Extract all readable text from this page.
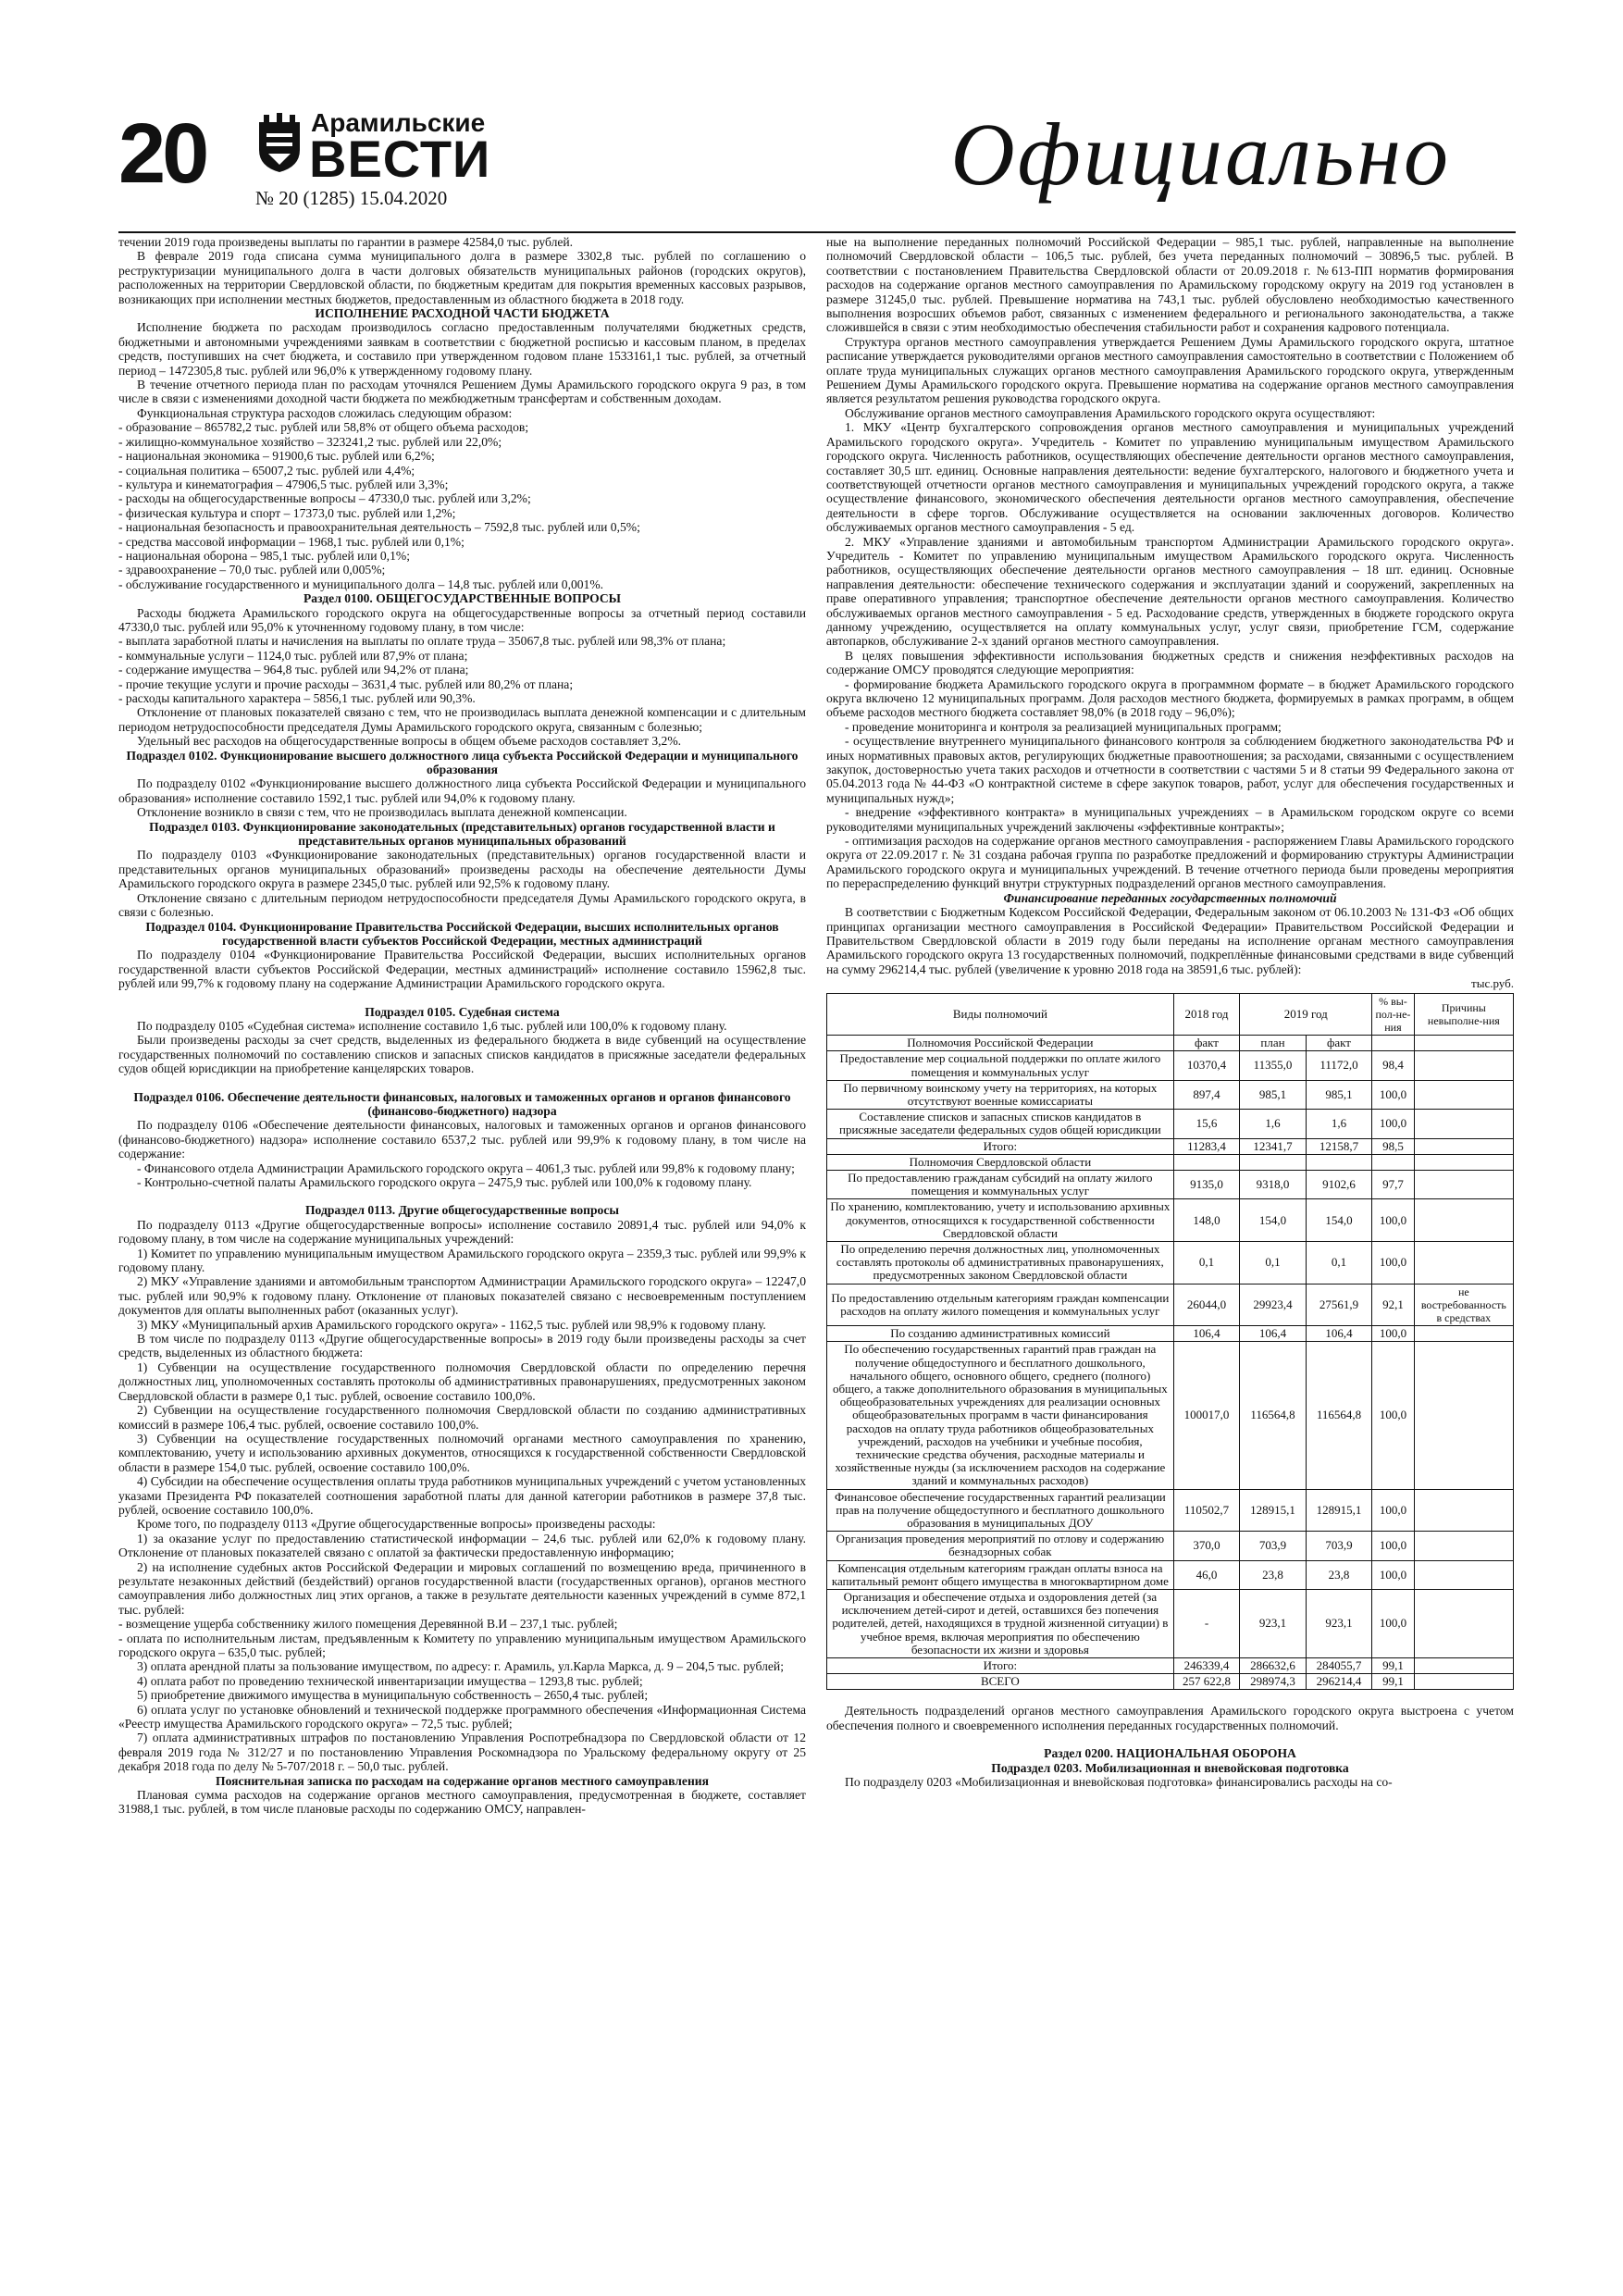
20	Арамильские
ВЕСТИ
№ 20 (1285) 15.04.2020	Официально

течении 2019 года произведены выплаты по гарантии в размере 42584,0 тыс. рублей.

В феврале 2019 года списана сумма муниципального долга в размере 3302,8 тыс. рублей по соглашению о реструктуризации муниципального долга в части долговых обязательств муниципальных районов (городских округов), расположенных на территории Свердловской области, по бюджетным кредитам для покрытия временных кассовых разрывов, возникающих при исполнении местных бюджетов, предоставленным из областного бюджета в 2018 году.

ИСПОЛНЕНИЕ РАСХОДНОЙ ЧАСТИ БЮДЖЕТА

Исполнение бюджета по расходам производилось согласно предоставленным получателями бюджетных средств, бюджетными и автономными учреждениями заявкам в соответствии с бюджетной росписью и кассовым планом, в пределах средств, поступивших на счет бюджета, и составило при утвержденном годовом плане 1533161,1 тыс. рублей, за отчетный период – 1472305,8 тыс. рублей или 96,0% к утвержденному годовому плану.

В течение отчетного периода план по расходам уточнялся Решением Думы Арамильского городского округа 9 раз, в том числе в связи с изменениями доходной части бюджета по межбюджетным трансфертам и собственным доходам.

Функциональная структура расходов сложилась следующим образом:

- образование – 865782,2 тыс. рублей или 58,8% от общего объема расходов;

- жилищно-коммунальное хозяйство – 323241,2 тыс. рублей или 22,0%;

- национальная экономика – 91900,6 тыс. рублей или 6,2%;

- социальная политика – 65007,2 тыс. рублей или 4,4%;

- культура и кинематография – 47906,5 тыс. рублей или 3,3%;

- расходы на общегосударственные вопросы – 47330,0 тыс. рублей или 3,2%;

- физическая культура и спорт – 17373,0 тыс. рублей или 1,2%;

- национальная безопасность и правоохранительная деятельность – 7592,8 тыс. рублей или 0,5%;

- средства массовой информации – 1968,1 тыс. рублей или 0,1%;

- национальная оборона – 985,1 тыс. рублей или 0,1%;

- здравоохранение – 70,0 тыс. рублей или 0,005%;

- обслуживание государственного и муниципального долга – 14,8 тыс. рублей или 0,001%.

Раздел 0100. ОБЩЕГОСУДАРСТВЕННЫЕ ВОПРОСЫ

Расходы бюджета Арамильского городского округа на общегосударственные вопросы за отчетный период составили 47330,0 тыс. рублей или 95,0% к уточненному годовому плану, в том числе:

- выплата заработной платы и начисления на выплаты по оплате труда – 35067,8 тыс. рублей или 98,3% от плана;

- коммунальные услуги – 1124,0 тыс. рублей или 87,9% от плана;

- содержание имущества – 964,8 тыс. рублей или 94,2% от плана;

- прочие текущие услуги и прочие расходы – 3631,4 тыс. рублей или 80,2% от плана;

- расходы капитального характера – 5856,1 тыс. рублей или 90,3%.

Отклонение от плановых показателей связано с тем, что не производилась выплата денежной компенсации и с длительным периодом нетрудоспособности председателя Думы Арамильского городского округа, связанным с болезнью;

Удельный вес расходов на общегосударственные вопросы в общем объеме расходов составляет 3,2%.

Подраздел 0102. Функционирование высшего должностного лица субъекта Российской Федерации и муниципального образования

По подразделу 0102 «Функционирование высшего должностного лица субъекта Российской Федерации и муниципального образования» исполнение составило 1592,1 тыс. рублей или 94,0% к годовому плану.

Отклонение возникло в связи с тем, что не производилась выплата денежной компенсации.

Подраздел 0103. Функционирование законодательных (представительных) органов государственной власти и представительных органов муниципальных образований

По подразделу 0103 «Функционирование законодательных (представительных) органов государственной власти и представительных органов муниципальных образований» произведены расходы на обеспечение деятельности Думы Арамильского городского округа в размере 2345,0 тыс. рублей или 92,5% к годовому плану.

Отклонение связано с длительным периодом нетрудоспособности председателя Думы Арамильского городского округа, в связи с болезнью.

Подраздел 0104. Функционирование Правительства Российской Федерации, высших исполнительных органов государственной власти субъектов Российской Федерации, местных администраций

По подразделу 0104 «Функционирование Правительства Российской Федерации, высших исполнительных органов государственной власти субъектов Российской Федерации, местных администраций» исполнение составило 15962,8 тыс. рублей или 99,7% к годовому плану на содержание Администрации Арамильского городского округа.

Подраздел 0105. Судебная система

По подразделу 0105 «Судебная система» исполнение составило 1,6 тыс. рублей или 100,0% к годовому плану.

Были произведены расходы за счет средств, выделенных из федерального бюджета в виде субвенций на осуществление государственных полномочий по составлению списков и запасных списков кандидатов в присяжные заседатели федеральных судов общей юрисдикции на приобретение канцелярских товаров.

Подраздел 0106. Обеспечение деятельности финансовых, налоговых и таможенных органов и органов финансового (финансово-бюджетного) надзора

По подразделу 0106 «Обеспечение деятельности финансовых, налоговых и таможенных органов и органов финансового (финансово-бюджетного) надзора» исполнение составило 6537,2 тыс. рублей или 99,9% к годовому плану, в том числе на содержание:

- Финансового отдела Администрации Арамильского городского округа – 4061,3 тыс. рублей или 99,8% к годовому плану;

- Контрольно-счетной палаты Арамильского городского округа – 2475,9 тыс. рублей или 100,0% к годовому плану.

Подраздел 0113. Другие общегосударственные вопросы

По подразделу 0113 «Другие общегосударственные вопросы» исполнение составило 20891,4 тыс. рублей или 94,0% к годовому плану, в том числе на содержание муниципальных учреждений:

1) Комитет по управлению муниципальным имуществом Арамильского городского округа – 2359,3 тыс. рублей или 99,9% к годовому плану.

2) МКУ «Управление зданиями и автомобильным транспортом Администрации Арамильского городского округа» – 12247,0 тыс. рублей или 90,9% к годовому плану. Отклонение от плановых показателей связано с несвоевременным поступлением документов для оплаты выполненных работ (оказанных услуг).

3) МКУ «Муниципальный архив Арамильского городского округа» - 1162,5 тыс. рублей или 98,9% к годовому плану.

В том числе по подразделу 0113 «Другие общегосударственные вопросы» в 2019 году были произведены расходы за счет средств, выделенных из областного бюджета:

1) Субвенции на осуществление государственного полномочия Свердловской области по определению перечня должностных лиц, уполномоченных составлять протоколы об административных правонарушениях, предусмотренных законом Свердловской области в размере 0,1 тыс. рублей, освоение составило 100,0%.

2) Субвенции на осуществление государственного полномочия Свердловской области по созданию административных комиссий в размере 106,4 тыс. рублей, освоение составило 100,0%.

3) Субвенции на осуществление государственных полномочий органами местного самоуправления по хранению, комплектованию, учету и использованию архивных документов, относящихся к государственной собственности Свердловской области в размере 154,0 тыс. рублей, освоение составило 100,0%.

4) Субсидии на обеспечение осуществления оплаты труда работников муниципальных учреждений с учетом установленных указами Президента РФ показателей соотношения заработной платы для данной категории работников в размере 37,8 тыс. рублей, освоение составило 100,0%.

Кроме того, по подразделу 0113 «Другие общегосударственные вопросы» произведены расходы:

1) за оказание услуг по предоставлению статистической информации – 24,6 тыс. рублей или 62,0% к годовому плану. Отклонение от плановых показателей связано с оплатой за фактически предоставленную информацию;

2) на исполнение судебных актов Российской Федерации и мировых соглашений по возмещению вреда, причиненного в результате незаконных действий (бездействий) органов государственной власти (государственных органов), органов местного самоуправления либо должностных лиц этих органов, а также в результате деятельности казенных учреждений в сумме 872,1 тыс. рублей:

- возмещение ущерба собственнику жилого помещения Деревянной В.И – 237,1 тыс. рублей;

- оплата по исполнительным листам, предъявленным к Комитету по управлению муниципальным имуществом Арамильского городского округа – 635,0 тыс. рублей;

3) оплата арендной платы за пользование имуществом, по адресу: г. Арамиль, ул.Карла Маркса, д. 9 – 204,5 тыс. рублей;

4) оплата работ по проведению технической инвентаризации имущества – 1293,8 тыс. рублей;

5) приобретение движимого имущества в муниципальную собственность – 2650,4 тыс. рублей;

6) оплата услуг по установке обновлений и технической поддержке программного обеспечения «Информационная Система «Реестр имущества Арамильского городского округа» – 72,5 тыс. рублей;

7) оплата административных штрафов по постановлению Управления Роспотребнадзора по Свердловской области от 12 февраля 2019 года № 312/27 и по постановлению Управления Роскомнадзора по Уральскому федеральному округу от 25 декабря 2018 года по делу № 5-707/2018 г. – 50,0 тыс. рублей.

Пояснительная записка по расходам на содержание органов местного самоуправления

Плановая сумма расходов на содержание органов местного самоуправления, предусмотренная в бюджете, составляет 31988,1 тыс. рублей, в том числе плановые расходы по содержанию ОМСУ, направлен-

ные на выполнение переданных полномочий Российской Федерации – 985,1 тыс. рублей, направленные на выполнение полномочий Свердловской области – 106,5 тыс. рублей, без учета переданных полномочий – 30896,5 тыс. рублей. В соответствии с постановлением Правительства Свердловской области от 20.09.2018 г. №613-ПП норматив формирования расходов на содержание органов местного самоуправления по Арамильскому городскому округу на 2019 год установлен в размере 31245,0 тыс. рублей. Превышение норматива на 743,1 тыс. рублей обусловлено необходимостью качественного выполнения возросших объемов работ, связанных с изменением федерального и регионального законодательства, а также сложившейся в связи с этим необходимостью обеспечения стабильности работ и сохранения кадрового потенциала.

Структура органов местного самоуправления утверждается Решением Думы Арамильского городского округа, штатное расписание утверждается руководителями органов местного самоуправления самостоятельно в соответствии с Положением об оплате труда муниципальных служащих органов местного самоуправления Арамильского городского округа, утвержденным Решением Думы Арамильского городского округа. Превышение норматива на содержание органов местного самоуправления является результатом решения руководства городского округа.

Обслуживание органов местного самоуправления Арамильского городского округа осуществляют:

1. МКУ «Центр бухгалтерского сопровождения органов местного самоуправления и муниципальных учреждений Арамильского городского округа». Учредитель - Комитет по управлению муниципальным имуществом Арамильского городского округа. Численность работников, осуществляющих обеспечение деятельности органов местного самоуправления, составляет 30,5 шт. единиц. Основные направления деятельности: ведение бухгалтерского, налогового и бюджетного учета и соответствующей отчетности органов местного самоуправления и муниципальных учреждений городского округа, а также осуществление финансового, экономического обеспечения деятельности органов местного самоуправления, обеспечение деятельности в сфере торгов. Обслуживание осуществляется на основании заключенных договоров. Количество обслуживаемых органов местного самоуправления - 5 ед.

2. МКУ «Управление зданиями и автомобильным транспортом Администрации Арамильского городского округа». Учредитель - Комитет по управлению муниципальным имуществом Арамильского городского округа. Численность работников, осуществляющих обеспечение деятельности органов местного самоуправления – 18 шт. единиц. Основные направления деятельности: обеспечение технического содержания и эксплуатации зданий и сооружений, закрепленных на праве оперативного управления; транспортное обеспечение деятельности органов местного самоуправления. Количество обслуживаемых органов местного самоуправления - 5 ед. Расходование средств, утвержденных в бюджете городского округа данному учреждению, осуществляется на оплату коммунальных услуг, услуг связи, приобретение ГСМ, содержание автопарков, обслуживание 2-х зданий органов местного самоуправления.

В целях повышения эффективности использования бюджетных средств и снижения неэффективных расходов на содержание ОМСУ проводятся следующие мероприятия:

- формирование бюджета Арамильского городского округа в программном формате – в бюджет Арамильского городского округа включено 12 муниципальных программ. Доля расходов местного бюджета, формируемых в рамках программ, в общем объеме расходов местного бюджета составляет 98,0% (в 2018 году – 96,0%);

- проведение мониторинга и контроля за реализацией муниципальных программ;

- осуществление внутреннего муниципального финансового контроля за соблюдением бюджетного законодательства РФ и иных нормативных правовых актов, регулирующих бюджетные правоотношения; за расходами, связанными с осуществлением закупок, достоверностью учета таких расходов и отчетности в соответствии с частями 5 и 8 статьи 99 Федерального закона от 05.04.2013 года № 44-ФЗ «О контрактной системе в сфере закупок товаров, работ, услуг для обеспечения государственных и муниципальных нужд»;

- внедрение «эффективного контракта» в муниципальных учреждениях – в Арамильском городском округе со всеми руководителями муниципальных учреждений заключены «эффективные контракты»;

- оптимизация расходов на содержание органов местного самоуправления - распоряжением Главы Арамильского городского округа от 22.09.2017 г. № 31 создана рабочая группа по разработке предложений и формированию структуры Администрации Арамильского городского округа и муниципальных учреждений. В течение отчетного периода были проведены мероприятия по перераспределению функций внутри структурных подразделений органов местного самоуправления.

Финансирование переданных государственных полномочий

В соответствии с Бюджетным Кодексом Российской Федерации, Федеральным законом от 06.10.2003 № 131-ФЗ «Об общих принципах организации местного самоуправления в Российской Федерации» Правительством Российской Федерации и Правительством Свердловской области в 2019 году были переданы на исполнение органам местного самоуправления Арамильского городского округа 13 государственных полномочий, подкреплённые финансовыми средствами в виде субвенций на сумму 296214,4 тыс. рублей (увеличение к уровню 2018 года на 38591,6 тыс. рублей):

тыс.руб.
Виды полномочий	2018 год	2019 год		% вы-пол-не-ния	Причины невыполне-ния

Полномочия Российской Федерации	факт	план	факт		
Предоставление мер социальной поддержки по оплате жилого помещения и коммунальных услуг	10370,4	11355,0	11172,0	98,4	
По первичному воинскому учету на территориях, на которых отсутствуют военные комиссариаты	897,4	985,1	985,1	100,0	
Составление списков и запасных списков кандидатов в присяжные заседатели федеральных судов общей юрисдикции	15,6	1,6	1,6	100,0	
Итого:	11283,4	12341,7	12158,7	98,5	
Полномочия Свердловской области					
По предоставлению гражданам субсидий на оплату жилого помещения и коммунальных услуг	9135,0	9318,0	9102,6	97,7	
По хранению, комплектованию, учету и использованию архивных документов, относящихся к государственной собственности Свердловской области	148,0	154,0	154,0	100,0	
По определению перечня должностных лиц, уполномоченных составлять протоколы об административных правонарушениях, предусмотренных законом Свердловской области	0,1	0,1	0,1	100,0	
По предоставлению отдельным категориям граждан компенсации расходов на оплату жилого помещения и коммунальных услуг	26044,0	29923,4	27561,9	92,1	не востребованность в средствах
По созданию административных комиссий	106,4	106,4	106,4	100,0	
По обеспечению государственных гарантий прав граждан на получение общедоступного и бесплатного дошкольного, начального общего, основного общего, среднего (полного) общего, а также дополнительного образования в муниципальных общеобразовательных учреждениях для реализации основных общеобразовательных программ в части финансирования расходов на оплату труда работников общеобразовательных учреждений, расходов на учебники и учебные пособия, технические средства обучения, расходные материалы и хозяйственные нужды (за исключением расходов на содержание зданий и коммунальных расходов)	100017,0	116564,8	116564,8	100,0	
Финансовое обеспечение государственных гарантий реализации прав на получение общедоступного и бесплатного дошкольного образования в муниципальных ДОУ	110502,7	128915,1	128915,1	100,0	
Организация проведения мероприятий по отлову и содержанию безнадзорных собак	370,0	703,9	703,9	100,0	
Компенсация отдельным категориям граждан оплаты взноса на капитальный ремонт общего имущества в многоквартирном доме	46,0	23,8	23,8	100,0	
Организация и обеспечение отдыха и оздоровления детей (за исключением детей-сирот и детей, оставшихся без попечения родителей, детей, находящихся в трудной жизненной ситуации) в учебное время, включая мероприятия по обеспечению безопасности их жизни и здоровья	-	923,1	923,1	100,0	
Итого:	246339,4	286632,6	284055,7	99,1	
ВСЕГО	257 622,8	298974,3	296214,4	99,1	

Деятельность подразделений органов местного самоуправления Арамильского городского округа выстроена с учетом обеспечения полного и своевременного исполнения переданных государственных полномочий.

Раздел 0200. НАЦИОНАЛЬНАЯ ОБОРОНА
Подраздел 0203. Мобилизационная и вневойсковая подготовка

По подразделу 0203 «Мобилизационная и вневойсковая подготовка» финансировались расходы на со-
